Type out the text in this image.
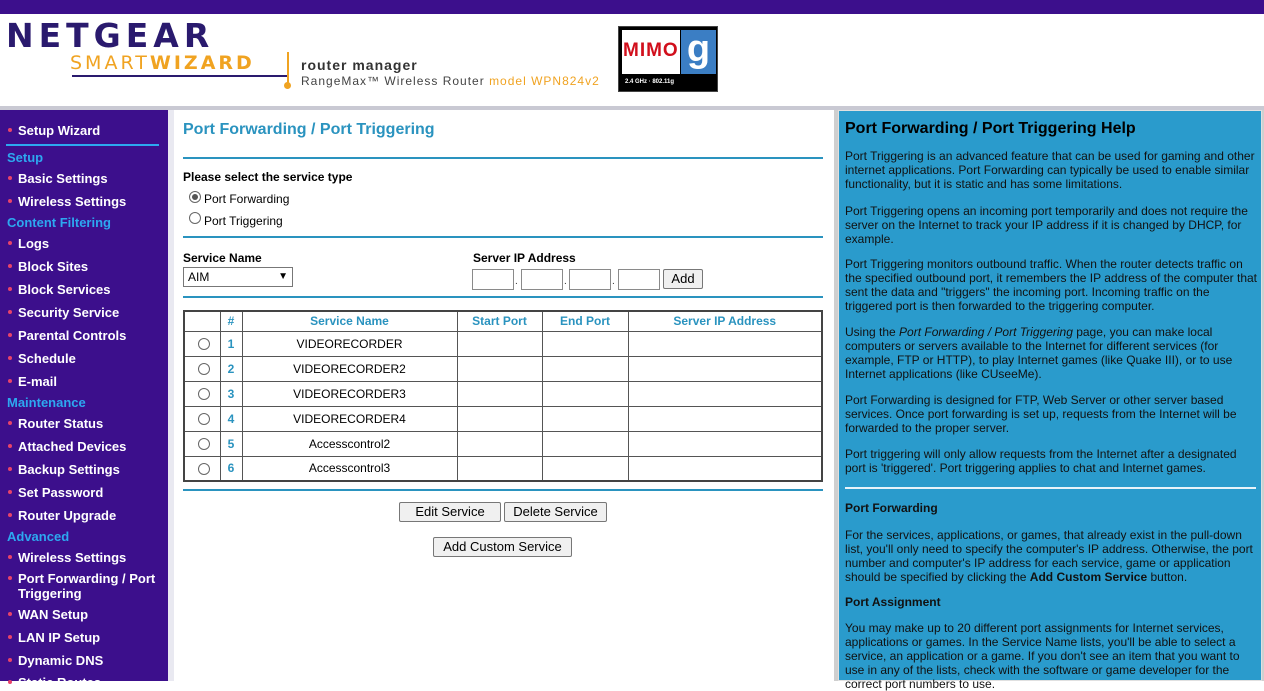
NETGEAR
SMARTWIZARD	router manager
RangeMax™ Wireless Router model WPN824v2
MIMO g
2.4 GHz · 802.11g
Setup Wizard
Setup
Basic Settings
Wireless Settings
Content Filtering
Logs
Block Sites
Block Services
Security Service
Parental Controls
Schedule
E-mail
Maintenance
Router Status
Attached Devices
Backup Settings
Set Password
Router Upgrade
Advanced
Wireless Settings
Port Forwarding / Port Triggering
WAN Setup
LAN IP Setup
Dynamic DNS
Static Routes
Port Forwarding / Port Triggering
Please select the service type
Port Forwarding
Port Triggering
Service Name
AIM	▼
Server IP Address
.	.	.	Add
	#	Service Name	Start Port	End Port	Server IP Address

	1	VIDEORECORDER			

	2	VIDEORECORDER2			

	3	VIDEORECORDER3			

	4	VIDEORECORDER4			

	5	Accesscontrol2			

	6	Accesscontrol3			
Edit Service	Delete Service
Add Custom Service
Port Forwarding / Port Triggering Help

Port Triggering is an advanced feature that can be used for gaming and other internet applications. Port Forwarding can typically be used to enable similar functionality, but it is static and has some limitations.

Port Triggering opens an incoming port temporarily and does not require the server on the Internet to track your IP address if it is changed by DHCP, for example.

Port Triggering monitors outbound traffic. When the router detects traffic on the specified outbound port, it remembers the IP address of the computer that sent the data and "triggers" the incoming port. Incoming traffic on the triggered port is then forwarded to the triggering computer.

Using the Port Forwarding / Port Triggering page, you can make local computers or servers available to the Internet for different services (for example, FTP or HTTP), to play Internet games (like Quake III), or to use Internet applications (like CUseeMe).

Port Forwarding is designed for FTP, Web Server or other server based services. Once port forwarding is set up, requests from the Internet will be forwarded to the proper server.

Port triggering will only allow requests from the Internet after a designated port is 'triggered'. Port triggering applies to chat and Internet games.

Port Forwarding

For the services, applications, or games, that already exist in the pull-down list, you'll only need to specify the computer's IP address. Otherwise, the port number and computer's IP address for each service, game or application should be specified by clicking the Add Custom Service button.

Port Assignment

You may make up to 20 different port assignments for Internet services, applications or games. In the Service Name lists, you'll be able to select a service, an application or a game. If you don't see an item that you want to use in any of the lists, check with the software or game developer for the correct port numbers to use.
